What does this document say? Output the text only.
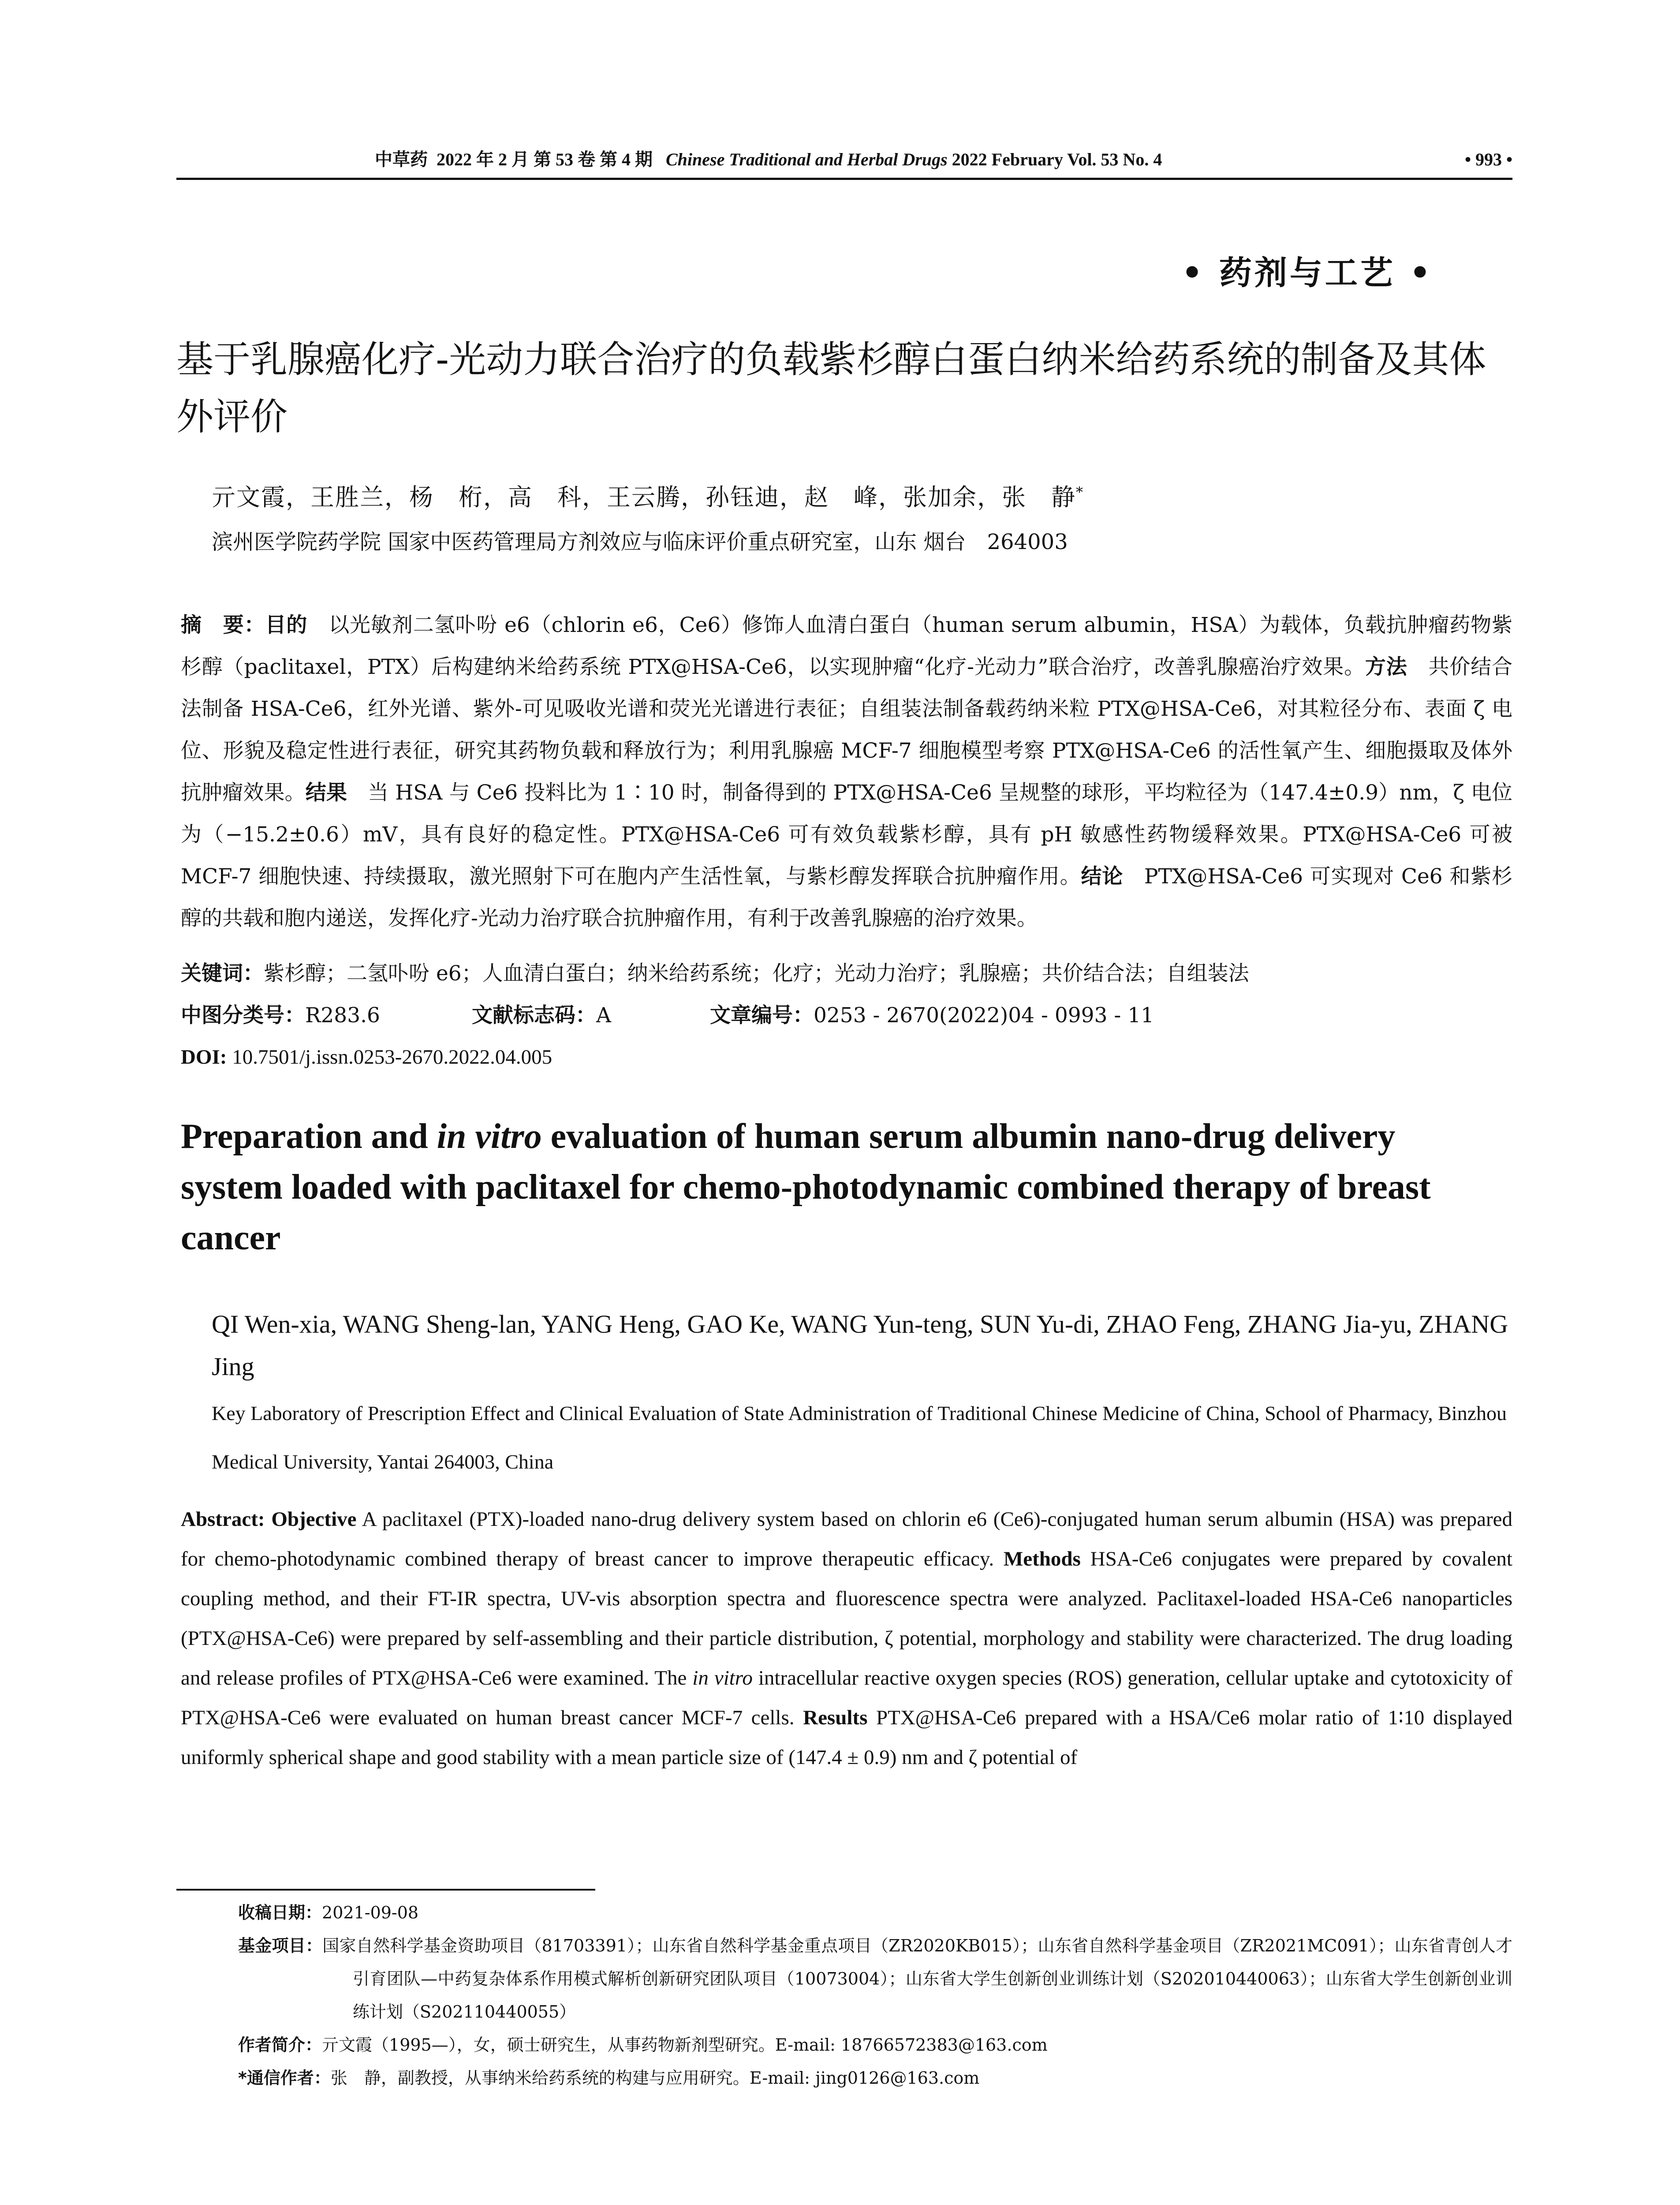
中草药 2022 年 2 月 第 53 卷 第 4 期 Chinese Traditional and Herbal Drugs 2022 February Vol. 53 No. 4	• 993 •
• 药剂与工艺 •
基于乳腺癌化疗-光动力联合治疗的负载紫杉醇白蛋白纳米给药系统的制备及其体外评价
亓文霞，王胜兰，杨　桁，高　科，王云腾，孙钰迪，赵　峰，张加余，张　静*
滨州医学院药学院 国家中医药管理局方剂效应与临床评价重点研究室，山东 烟台　264003
摘　要：目的　以光敏剂二氢卟吩 e6（chlorin e6，Ce6）修饰人血清白蛋白（human serum albumin，HSA）为载体，负载抗肿瘤药物紫杉醇（paclitaxel，PTX）后构建纳米给药系统 PTX@HSA-Ce6，以实现肿瘤“化疗-光动力”联合治疗，改善乳腺癌治疗效果。方法　共价结合法制备 HSA-Ce6，红外光谱、紫外-可见吸收光谱和荧光光谱进行表征；自组装法制备载药纳米粒 PTX@HSA-Ce6，对其粒径分布、表面 ζ 电位、形貌及稳定性进行表征，研究其药物负载和释放行为；利用乳腺癌 MCF-7 细胞模型考察 PTX@HSA-Ce6 的活性氧产生、细胞摄取及体外抗肿瘤效果。结果　当 HSA 与 Ce6 投料比为 1∶10 时，制备得到的 PTX@HSA-Ce6 呈规整的球形，平均粒径为（147.4±0.9）nm，ζ 电位为（−15.2±0.6）mV，具有良好的稳定性。PTX@HSA-Ce6 可有效负载紫杉醇，具有 pH 敏感性药物缓释效果。PTX@HSA-Ce6 可被 MCF-7 细胞快速、持续摄取，激光照射下可在胞内产生活性氧，与紫杉醇发挥联合抗肿瘤作用。结论　PTX@HSA-Ce6 可实现对 Ce6 和紫杉醇的共载和胞内递送，发挥化疗-光动力治疗联合抗肿瘤作用，有利于改善乳腺癌的治疗效果。
关键词：紫杉醇；二氢卟吩 e6；人血清白蛋白；纳米给药系统；化疗；光动力治疗；乳腺癌；共价结合法；自组装法
中图分类号：R283.6	文献标志码：A	文章编号：0253 - 2670(2022)04 - 0993 - 11
DOI: 10.7501/j.issn.0253-2670.2022.04.005
Preparation and in vitro evaluation of human serum albumin nano-drug delivery system loaded with paclitaxel for chemo-photodynamic combined therapy of breast cancer
QI Wen-xia, WANG Sheng-lan, YANG Heng, GAO Ke, WANG Yun-teng, SUN Yu-di, ZHAO Feng, ZHANG Jia-yu, ZHANG Jing
Key Laboratory of Prescription Effect and Clinical Evaluation of State Administration of Traditional Chinese Medicine of China, School of Pharmacy, Binzhou Medical University, Yantai 264003, China
Abstract: Objective A paclitaxel (PTX)-loaded nano-drug delivery system based on chlorin e6 (Ce6)-conjugated human serum albumin (HSA) was prepared for chemo-photodynamic combined therapy of breast cancer to improve therapeutic efficacy. Methods HSA-Ce6 conjugates were prepared by covalent coupling method, and their FT-IR spectra, UV-vis absorption spectra and fluorescence spectra were analyzed. Paclitaxel-loaded HSA-Ce6 nanoparticles (PTX@HSA-Ce6) were prepared by self-assembling and their particle distribution, ζ potential, morphology and stability were characterized. The drug loading and release profiles of PTX@HSA-Ce6 were examined. The in vitro intracellular reactive oxygen species (ROS) generation, cellular uptake and cytotoxicity of PTX@HSA-Ce6 were evaluated on human breast cancer MCF-7 cells. Results PTX@HSA-Ce6 prepared with a HSA/Ce6 molar ratio of 1∶10 displayed uniformly spherical shape and good stability with a mean particle size of (147.4 ± 0.9) nm and ζ potential of
收稿日期：2021-09-08
基金项目：国家自然科学基金资助项目（81703391）；山东省自然科学基金重点项目（ZR2020KB015）；山东省自然科学基金项目（ZR2021MC091）；山东省青创人才引育团队—中药复杂体系作用模式解析创新研究团队项目（10073004）；山东省大学生创新创业训练计划（S202010440063）；山东省大学生创新创业训练计划（S202110440055）
作者简介：亓文霞（1995—），女，硕士研究生，从事药物新剂型研究。E-mail: 18766572383@163.com
*通信作者：张　静，副教授，从事纳米给药系统的构建与应用研究。E-mail: jing0126@163.com
